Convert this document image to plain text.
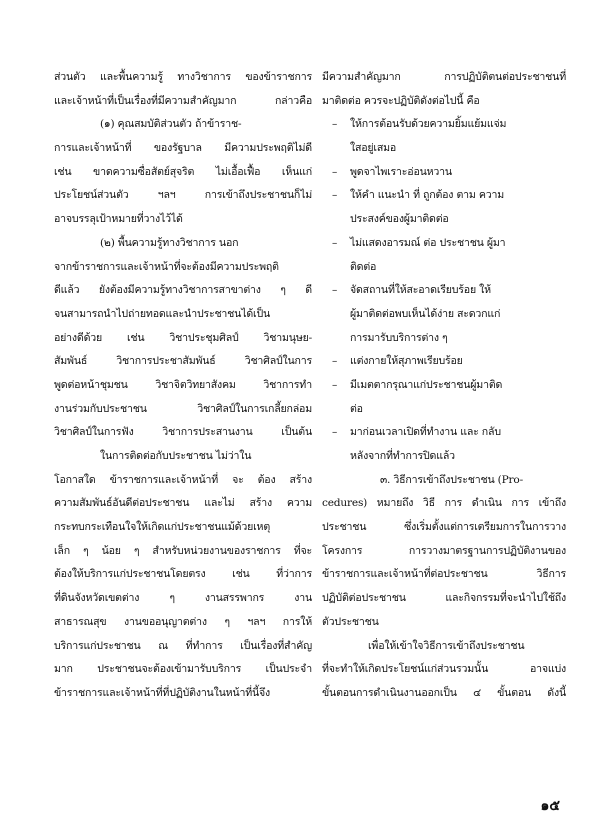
ส่วนตัว และพื้นความรู้ ทางวิชาการ ของข้าราชการ
และเจ้าหน้าที่เป็นเรื่องที่มีความสำคัญมาก กล่าวคือ
(๑) คุณสมบัติส่วนตัว ถ้าข้าราช-
การและเจ้าหน้าที่ ของรัฐบาล มีความประพฤติไม่ดี
เช่น ขาดความซื่อสัตย์สุจริต ไม่เอื้อเฟื้อ เห็นแก่
ประโยชน์ส่วนตัว ฯลฯ การเข้าถึงประชาชนก็ไม่
อาจบรรลุเป้าหมายที่วางไว้ได้
(๒) พื้นความรู้ทางวิชาการ นอก
จากข้าราชการและเจ้าหน้าที่จะต้องมีความประพฤติ
ดีแล้ว ยังต้องมีความรู้ทางวิชาการสาขาต่าง ๆ ดี
จนสามารถนำไปถ่ายทอดและนำประชาชนได้เป็น
อย่างดีด้วย เช่น วิชาประชุมศิลป์ วิชามนุษย-
สัมพันธ์ วิชาการประชาสัมพันธ์ วิชาศิลป์ในการ
พูดต่อหน้าชุมชน วิชาจิตวิทยาสังคม วิชาการทำ
งานร่วมกับประชาชน วิชาศิลป์ในการเกลี้ยกล่อม
วิชาศิลป์ในการฟัง วิชาการประสานงาน เป็นต้น
ในการติดต่อกับประชาชน ไม่ว่าใน
โอกาสใด ข้าราชการและเจ้าหน้าที่ จะ ต้อง สร้าง
ความสัมพันธ์อันดีต่อประชาชน และไม่ สร้าง ความ
กระทบกระเทือนใจให้เกิดแก่ประชาชนแม้ด้วยเหตุ
เล็ก ๆ น้อย ๆ สำหรับหน่วยงานของราชการ ที่จะ
ต้องให้บริการแก่ประชาชนโดยตรง เช่น ที่ว่าการ
ที่ดินจังหวัดเขตต่าง ๆ งานสรรพากร งาน
สาธารณสุข งานขออนุญาตต่าง ๆ ฯลฯ การให้
บริการแก่ประชาชน ณ ที่ทำการ เป็นเรื่องที่สำคัญ
มาก ประชาชนจะต้องเข้ามารับบริการ เป็นประจำ
ข้าราชการและเจ้าหน้าที่ที่ปฏิบัติงานในหน้าที่นี้จึง
มีความสำคัญมาก การปฏิบัติตนต่อประชาชนที่
มาติดต่อ ควรจะปฏิบัติดังต่อไปนี้ คือ
– ให้การต้อนรับด้วยความยิ้มแย้มแจ่ม
ใสอยู่เสมอ
– พูดจาไพเราะอ่อนหวาน
– ให้คำ แนะนำ ที่ ถูกต้อง ตาม ความ
ประสงค์ของผู้มาติดต่อ
– ไม่แสดงอารมณ์ ต่อ ประชาชน ผู้มา
ติดต่อ
– จัดสถานที่ให้สะอาดเรียบร้อย ให้
ผู้มาติดต่อพบเห็นได้ง่าย สะดวกแก่
การมารับบริการต่าง ๆ
– แต่งกายให้สุภาพเรียบร้อย
– มีเมตตากรุณาแก่ประชาชนผู้มาติด
ต่อ
– มาก่อนเวลาเปิดที่ทำงาน และ กลับ
หลังจากที่ทำการปิดแล้ว
๓. วิธีการเข้าถึงประชาชน (Pro-
cedures) หมายถึง วิธี การ ดำเนิน การ เข้าถึง
ประชาชน ซึ่งเริ่มตั้งแต่การเตรียมการในการวาง
โครงการ การวางมาตรฐานการปฏิบัติงานของ
ข้าราชการและเจ้าหน้าที่ต่อประชาชน วิธีการ
ปฏิบัติต่อประชาชน และกิจกรรมที่จะนำไปใช้ถึง
ตัวประชาชน
เพื่อให้เข้าใจวิธีการเข้าถึงประชาชน
ที่จะทำให้เกิดประโยชน์แก่ส่วนรวมนั้น อาจแบ่ง
ขั้นตอนการดำเนินงานออกเป็น ๔ ขั้นตอน ดังนี้
๑๕
